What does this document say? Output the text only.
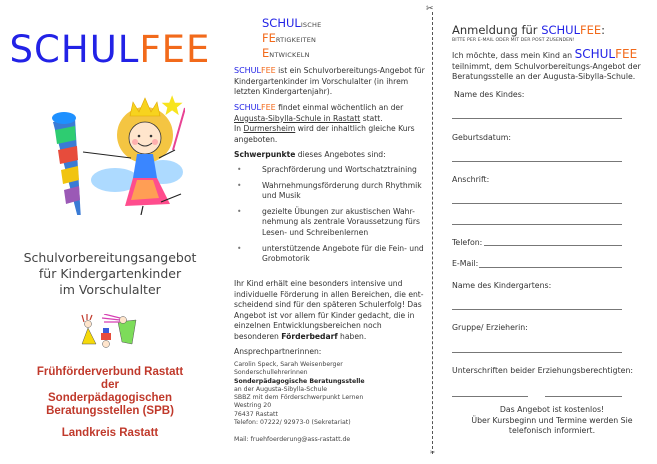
SCHULFEE
Schulvorbereitungsangebot
für Kindergartenkinder
im Vorschulalter
Frühförderverbund Rastatt
der
Sonderpädagogischen
Beratungsstellen (SPB)
Landkreis Rastatt
SCHULISCHE
FERTIGKEITEN
ENTWICKELN

SCHULFEE ist ein Schulvorbereitungs-Angebot für Kindergartenkinder im Vorschulalter (in ihrem letzten Kindergartenjahr).

SCHULFEE findet einmal wöchentlich an der Augusta-Sibylla-Schule in Rastatt statt.
In Durmersheim wird der inhaltlich gleiche Kurs angeboten.

Schwerpunkte dieses Angebotes sind:

•	Sprachförderung und Wortschatztraining
•	Wahrnehmungsförderung durch Rhythmik und Musik
•	gezielte Übungen zur akustischen Wahr-nehmung als zentrale Voraussetzung fürs Lesen- und Schreibenlernen
•	unterstützende Angebote für die Fein- und Grobmotorik

Ihr Kind erhält eine besonders intensive und individuelle Förderung in allen Bereichen, die ent-scheidend sind für den späteren Schulerfolg! Das Angebot ist vor allem für Kinder gedacht, die in einzelnen Entwicklungsbereichen noch besonderen Förderbedarf haben.

Ansprechpartnerinnen:

Carolin Speck, Sarah Weisenberger
Sonderschullehrerinnen
Sonderpädagogische Beratungsstelle
an der Augusta-Sibylla-Schule
SBBZ mit dem Förderschwerpunkt Lernen
Westring 20
76437 Rastatt
Telefon: 07222/ 92973-0 (Sekretariat)
Mail: fruehfoerderung@ass-rastatt.de
✂
✂
Anmeldung für SCHULFEE:
BITTE PER E-MAIL ODER MIT DER POST ZUSENDEN!
Ich möchte, dass mein Kind an SCHULFEE teilnimmt, dem Schulvorbereitungs-Angebot der Beratungsstelle an der Augusta-Sibylla-Schule.
Name des Kindes:
Geburtsdatum:
Anschrift:
Telefon:
E-Mail:
Name des Kindergartens:
Gruppe/ Erzieherin:
Unterschriften beider Erziehungsberechtigten:
Das Angebot ist kostenlos!
Über Kursbeginn und Termine werden Sie
telefonisch informiert.
